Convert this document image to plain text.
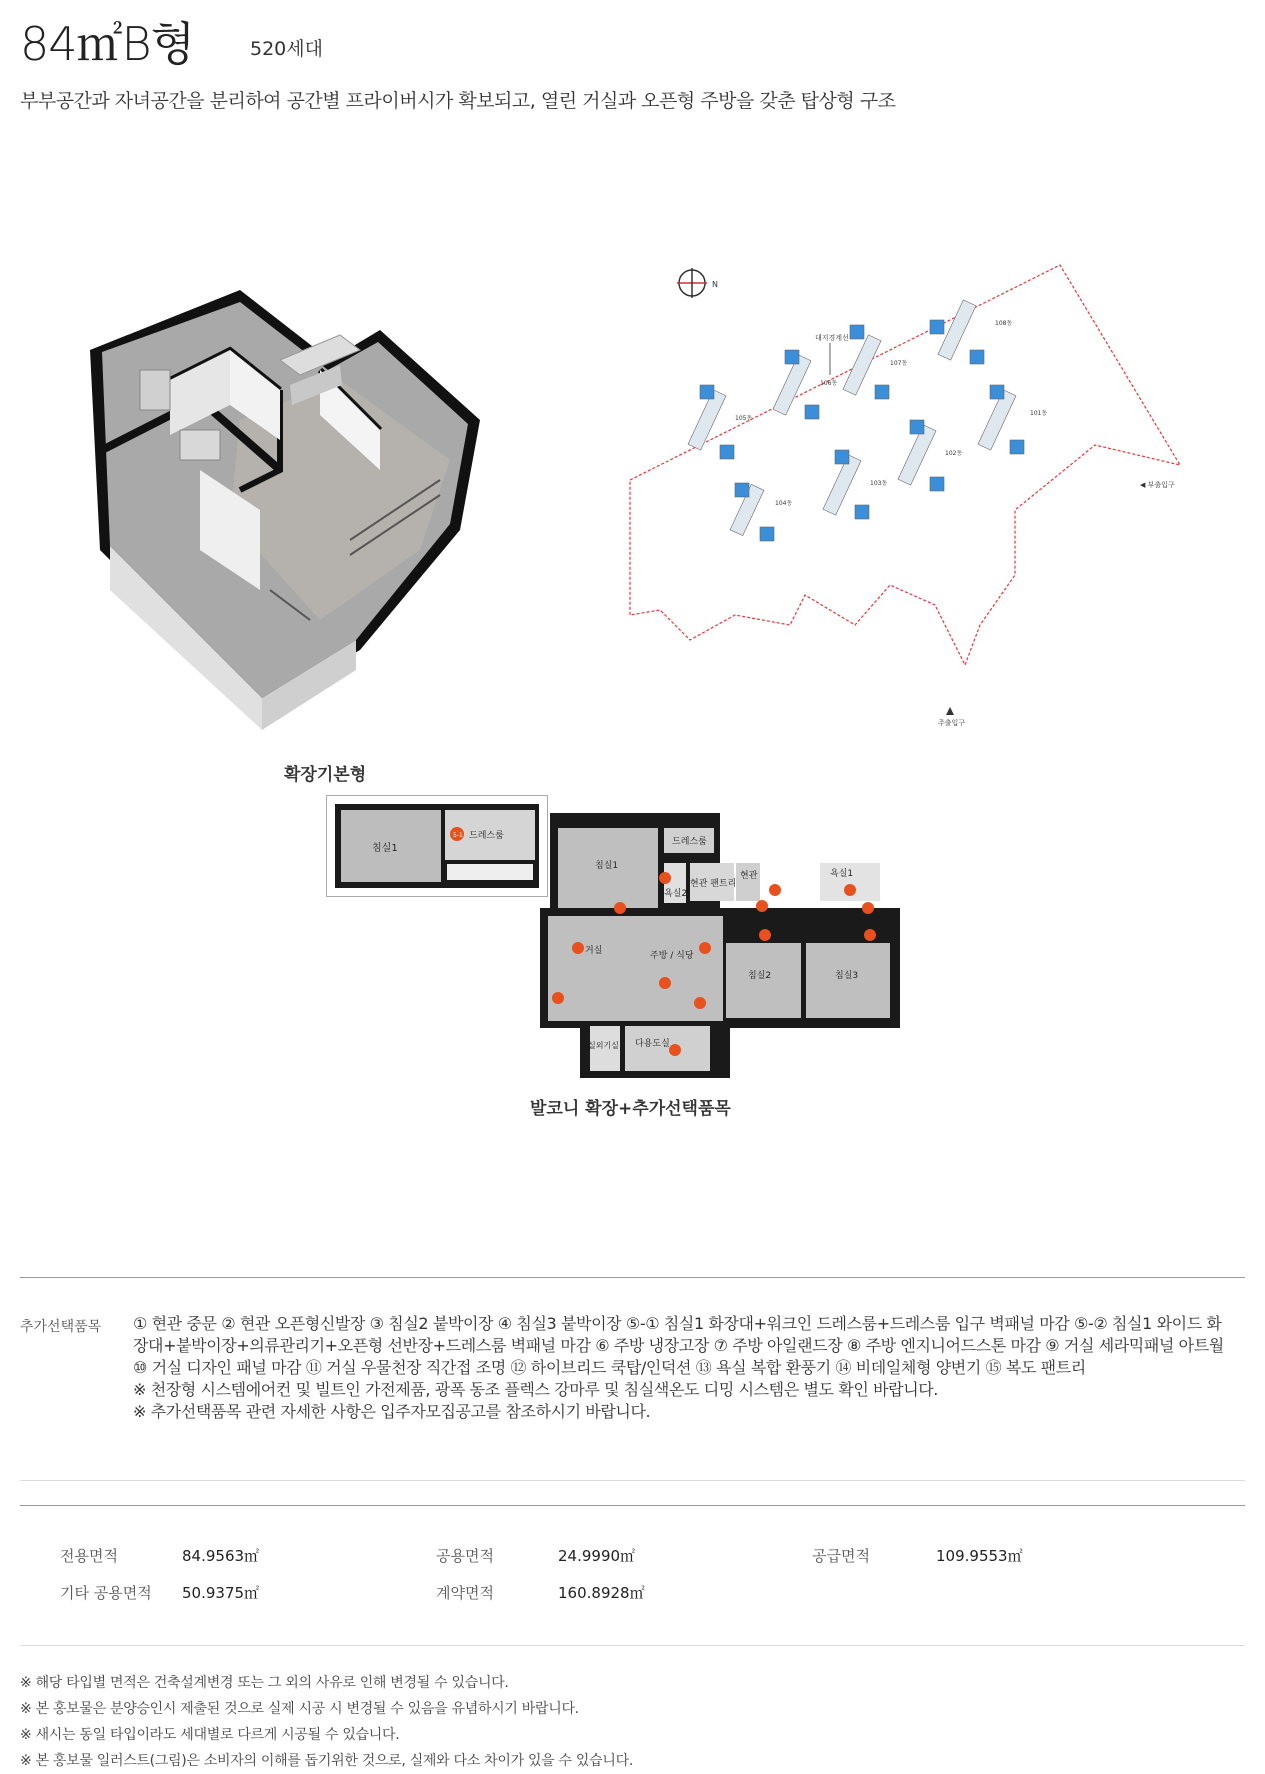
84㎡B형	520세대
부부공간과 자녀공간을 분리하여 공간별 프라이버시가 확보되고, 열린 거실과 오픈형 주방을 갖춘 탑상형 구조
N
대지경계선
◀ 부출입구
주출입구
108동
107동
106동
105동
101동
102동
103동
104동
확장기본형
침실1
5-1 드레스룸
침실1
드레스룸
욕실2
현관 팬트리
현관	욕실1
거실	주방 / 식당
침실2	침실3
실외기실 다용도실
발코니 확장+추가선택품목
추가선택품목 ① 현관 중문 ② 현관 오픈형신발장 ③ 침실2 붙박이장 ④ 침실3 붙박이장 ⑤-① 침실1 화장대+워크인 드레스룸+드레스룸 입구 벽패널 마감 ⑤-② 침실1 와이드 화장대+붙박이장+의류관리기+오픈형 선반장+드레스룸 벽패널 마감 ⑥ 주방 냉장고장 ⑦ 주방 아일랜드장 ⑧ 주방 엔지니어드스톤 마감 ⑨ 거실 세라믹패널 아트월 ⑩ 거실 디자인 패널 마감 ⑪ 거실 우물천장 직간접 조명 ⑫ 하이브리드 쿡탑/인덕션 ⑬ 욕실 복합 환풍기 ⑭ 비데일체형 양변기 ⑮ 복도 팬트리
※ 천장형 시스템에어컨 및 빌트인 가전제품, 광폭 동조 플렉스 강마루 및 침실색온도 디밍 시스템은 별도 확인 바랍니다.
※ 추가선택품목 관련 자세한 사항은 입주자모집공고를 참조하시기 바랍니다.
전용면적	84.9563㎡	공용면적	24.9990㎡	공급면적	109.9553㎡
기타 공용면적 50.9375㎡	계약면적	160.8928㎡
※ 해당 타입별 면적은 건축설계변경 또는 그 외의 사유로 인해 변경될 수 있습니다.
※ 본 홍보물은 분양승인시 제출된 것으로 실제 시공 시 변경될 수 있음을 유념하시기 바랍니다.
※ 새시는 동일 타입이라도 세대별로 다르게 시공될 수 있습니다.
※ 본 홍보물 일러스트(그림)은 소비자의 이해를 돕기위한 것으로, 실제와 다소 차이가 있을 수 있습니다.
